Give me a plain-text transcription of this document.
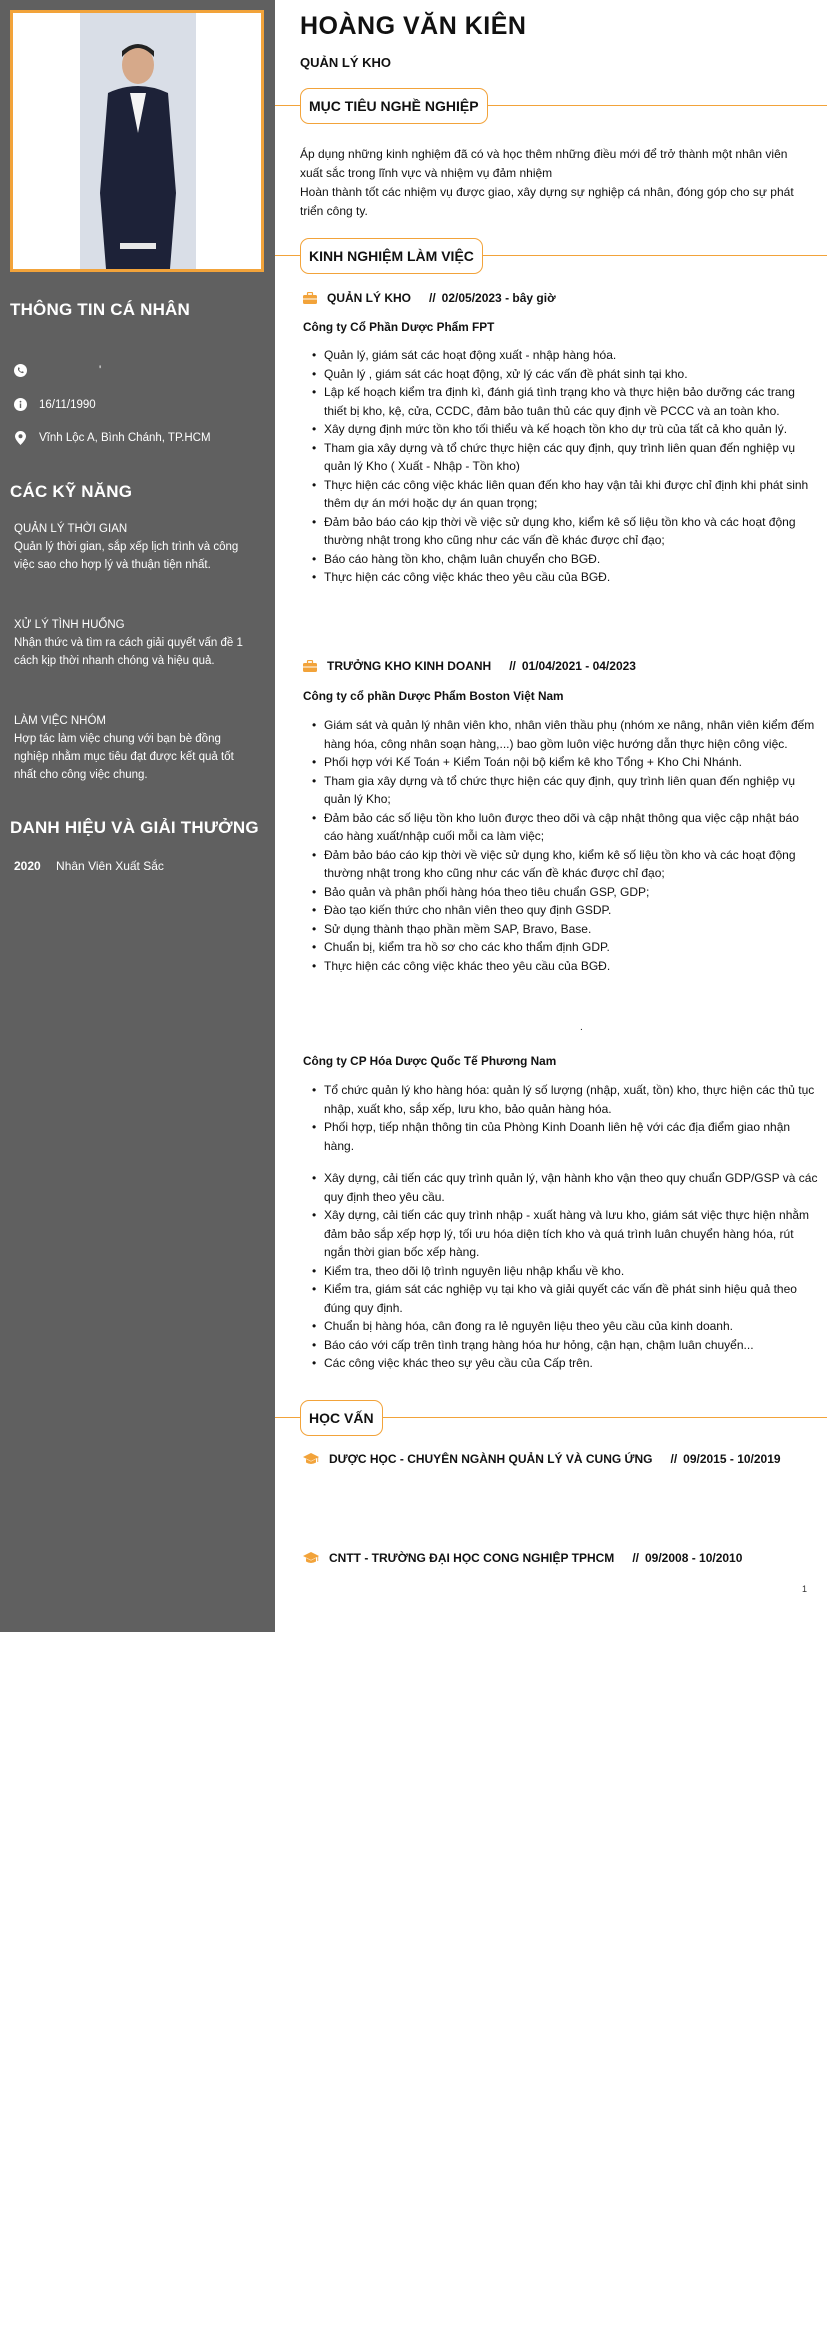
THÔNG TIN CÁ NHÂN
'
16/11/1990
Vĩnh Lộc A, Bình Chánh, TP.HCM
CÁC KỸ NĂNG
QUẢN LÝ THỜI GIAN
Quản lý thời gian, sắp xếp lịch trình và công việc sao cho hợp lý và thuận tiện nhất.
XỬ LÝ TÌNH HUỐNG
Nhận thức và tìm ra cách giải quyết vấn đề 1 cách kịp thời nhanh chóng và hiệu quả.
LÀM VIỆC NHÓM
Hợp tác làm việc chung với bạn bè đồng nghiệp nhằm mục tiêu đạt được kết quả tốt nhất cho công việc chung.
DANH HIỆU VÀ GIẢI THƯỞNG
2020 Nhân Viên Xuất Sắc
HOÀNG VĂN KIÊN
QUẢN LÝ KHO
MỤC TIÊU NGHỀ NGHIỆP
Áp dụng những kinh nghiệm đã có và học thêm những điều mới để trở thành một nhân viên xuất sắc trong lĩnh vực và nhiệm vụ đảm nhiệm
Hoàn thành tốt các nhiệm vụ được giao, xây dựng sự nghiệp cá nhân, đóng góp cho sự phát triển công ty.
KINH NGHIỆM LÀM VIỆC
QUẢN LÝ KHO // 02/05/2023 - bây giờ
Công ty Cổ Phần Dược Phẩm FPT
• Quản lý, giám sát các hoạt động xuất - nhập hàng hóa.
• Quản lý , giám sát các hoạt động, xử lý các vấn đề phát sinh tại kho.
• Lập kế hoạch kiểm tra định kì, đánh giá tình trạng kho và thực hiện bảo dưỡng các trang thiết bị kho, kệ, cửa, CCDC, đảm bảo tuân thủ các quy định về PCCC và an toàn kho.
• Xây dựng định mức tồn kho tối thiểu và kế hoạch tồn kho dự trù của tất cả kho quản lý.
• Tham gia xây dựng và tổ chức thực hiện các quy định, quy trình liên quan đến nghiệp vụ quản lý Kho ( Xuất - Nhập - Tồn kho)
• Thực hiện các công việc khác liên quan đến kho hay vận tải khi được chỉ định khi phát sinh thêm dự án mới hoặc dự án quan trọng;
• Đảm bảo báo cáo kịp thời về việc sử dụng kho, kiểm kê số liệu tồn kho và các hoạt động thường nhật trong kho cũng như các vấn đề khác được chỉ đạo;
• Báo cáo hàng tồn kho, chậm luân chuyển cho BGĐ.
• Thực hiện các công việc khác theo yêu cầu của BGĐ.
TRƯỞNG KHO KINH DOANH // 01/04/2021 - 04/2023
Công ty cổ phần Dược Phẩm Boston Việt Nam
• Giám sát và quản lý nhân viên kho, nhân viên thầu phụ (nhóm xe nâng, nhân viên kiểm đếm hàng hóa, công nhân soạn hàng,...) bao gồm luôn việc hướng dẫn thực hiện công việc.
• Phối hợp với Kế Toán + Kiểm Toán nội bộ kiểm kê kho Tổng + Kho Chi Nhánh.
• Tham gia xây dựng và tổ chức thực hiện các quy định, quy trình liên quan đến nghiệp vụ quản lý Kho;
• Đảm bảo các số liệu tồn kho luôn được theo dõi và cập nhật thông qua việc cập nhật báo cáo hàng xuất/nhập cuối mỗi ca làm việc;
• Đảm bảo báo cáo kịp thời về việc sử dụng kho, kiểm kê số liệu tồn kho và các hoạt động thường nhật trong kho cũng như các vấn đề khác được chỉ đạo;
• Bảo quản và phân phối hàng hóa theo tiêu chuẩn GSP, GDP;
• Đào tạo kiến thức cho nhân viên theo quy định GSDP.
• Sử dụng thành thạo phần mềm SAP, Bravo, Base.
• Chuẩn bị, kiểm tra hồ sơ cho các kho thẩm định GDP.
• Thực hiện các công việc khác theo yêu cầu của BGĐ.
.
Công ty CP Hóa Dược Quốc Tế Phương Nam
• Tổ chức quản lý kho hàng hóa: quản lý số lượng (nhập, xuất, tồn) kho, thực hiện các thủ tục nhập, xuất kho, sắp xếp, lưu kho, bảo quản hàng hóa.
• Phối hợp, tiếp nhận thông tin của Phòng Kinh Doanh liên hệ với các địa điểm giao nhận hàng.
• Xây dựng, cải tiến các quy trình quản lý, vận hành kho vận theo quy chuẩn GDP/GSP và các quy định theo yêu cầu.
• Xây dựng, cải tiến các quy trình nhập - xuất hàng và lưu kho, giám sát việc thực hiện nhằm đảm bảo sắp xếp hợp lý, tối ưu hóa diện tích kho và quá trình luân chuyển hàng hóa, rút ngắn thời gian bốc xếp hàng.
• Kiểm tra, theo dõi lộ trình nguyên liệu nhập khẩu về kho.
• Kiểm tra, giám sát các nghiệp vụ tại kho và giải quyết các vấn đề phát sinh hiệu quả theo đúng quy định.
• Chuẩn bị hàng hóa, cân đong ra lẻ nguyên liệu theo yêu cầu của kinh doanh.
• Báo cáo với cấp trên tình trạng hàng hóa hư hỏng, cận hạn, chậm luân chuyển...
• Các công việc khác theo sự yêu cầu của Cấp trên.
HỌC VẤN
DƯỢC HỌC - CHUYÊN NGÀNH QUẢN LÝ VÀ CUNG ỨNG // 09/2015 - 10/2019
CNTT - TRƯỜNG ĐẠI HỌC CONG NGHIỆP TPHCM // 09/2008 - 10/2010
1
